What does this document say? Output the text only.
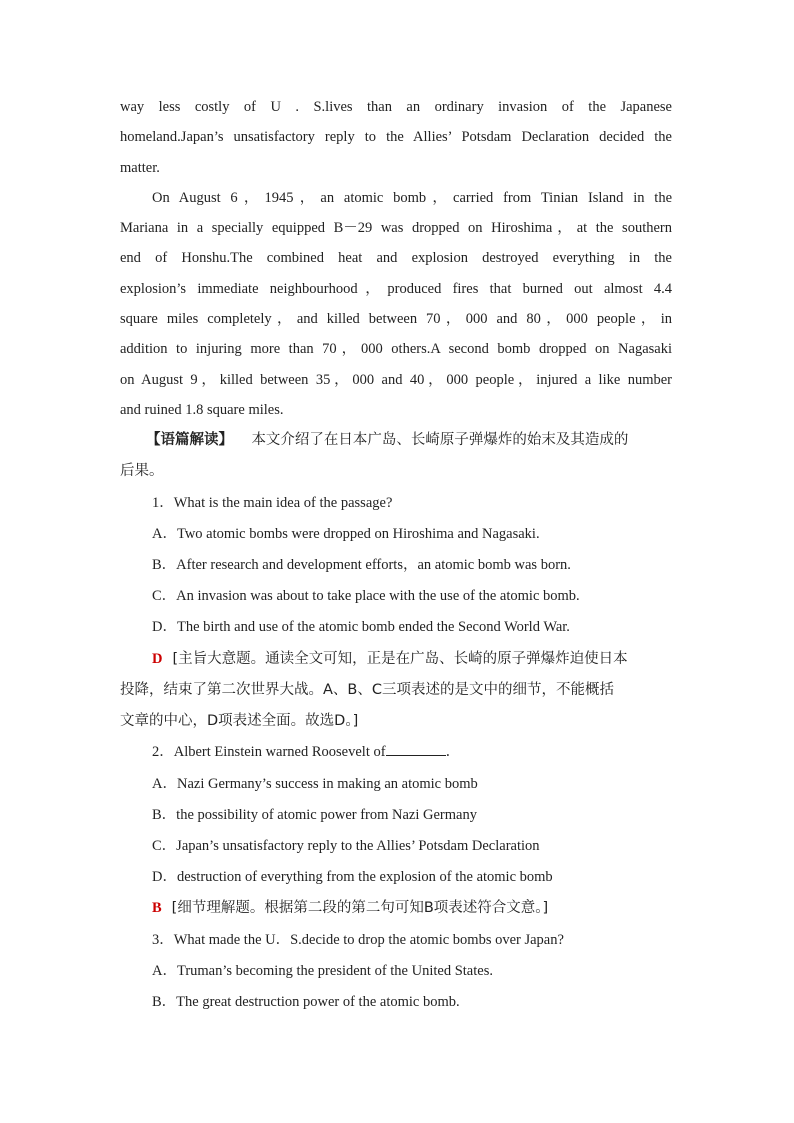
way less costly of U . S.lives than an ordinary invasion of the Japanese

homeland.Japan’s unsatisfactory reply to the Allies’ Potsdam Declaration decided the

matter.

On August 6，1945，an atomic bomb，carried from Tinian Island in the

Mariana in a specially equipped B－29 was dropped on Hiroshima，at the southern

end of Honshu.The combined heat and explosion destroyed everything in the

explosion’s immediate neighbourhood，produced fires that burned out almost 4.4

square miles completely，and killed between 70，000 and 80，000 people，in

addition to injuring more than 70，000 others.A second bomb dropped on Nagasaki

on August 9，killed between 35，000 and 40，000 people，injured a like number

and ruined 1.8 square miles.

【语篇解读】 本文介绍了在日本广岛、长崎原子弹爆炸的始末及其造成的

后果。

1．What is the main idea of the passage?

A．Two atomic bombs were dropped on Hiroshima and Nagasaki.

B．After research and development efforts，an atomic bomb was born.

C．An invasion was about to take place with the use of the atomic bomb.

D．The birth and use of the atomic bomb ended the Second World War.

D [主旨大意题。通读全文可知，正是在广岛、长崎的原子弹爆炸迫使日本

投降，结束了第二次世界大战。A、B、C三项表述的是文中的细节，不能概括

文章的中心，D项表述全面。故选D。]

2．Albert Einstein warned Roosevelt of	．

A．Nazi Germany’s success in making an atomic bomb

B．the possibility of atomic power from Nazi Germany

C．Japan’s unsatisfactory reply to the Allies’ Potsdam Declaration

D．destruction of everything from the explosion of the atomic bomb

B [细节理解题。根据第二段的第二句可知B项表述符合文意。]

3．What made the U．S.decide to drop the atomic bombs over Japan?

A．Truman’s becoming the president of the United States.

B．The great destruction power of the atomic bomb.
